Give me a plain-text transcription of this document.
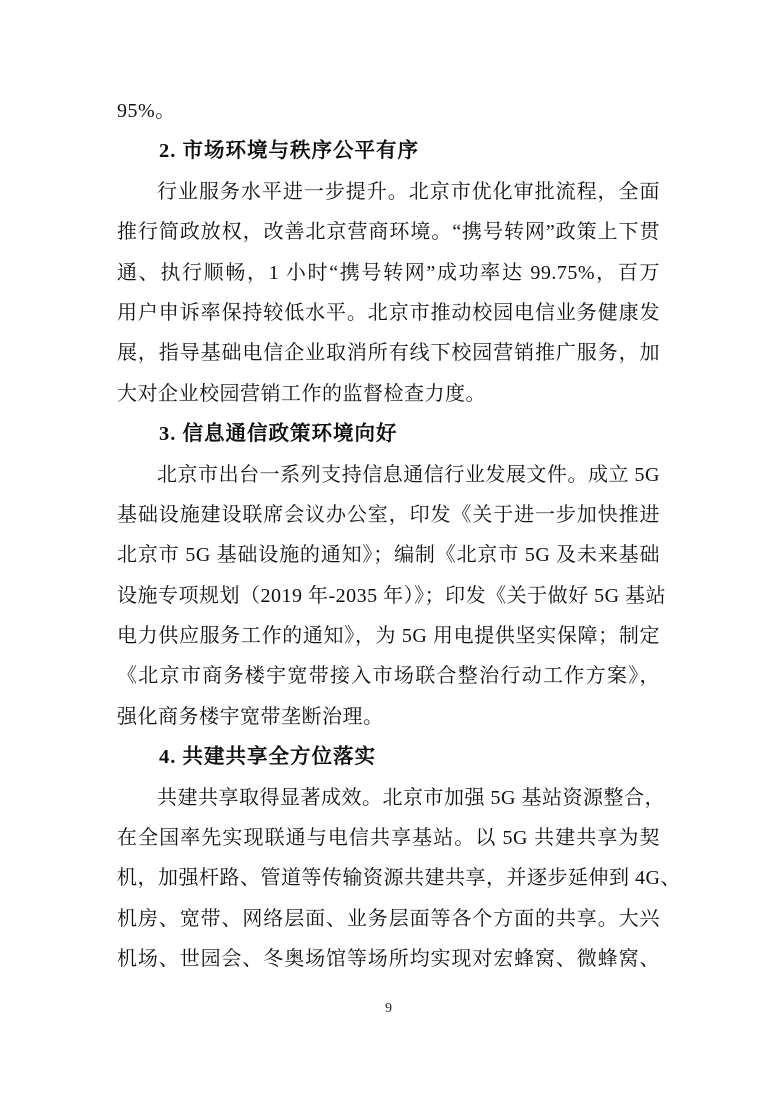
95%。
2. 市场环境与秩序公平有序
行业服务水平进一步提升。北京市优化审批流程，全面
推行简政放权，改善北京营商环境。“携号转网”政策上下贯
通、执行顺畅，1 小时“携号转网”成功率达 99.75%，百万
用户申诉率保持较低水平。北京市推动校园电信业务健康发
展，指导基础电信企业取消所有线下校园营销推广服务，加
大对企业校园营销工作的监督检查力度。
3. 信息通信政策环境向好
北京市出台一系列支持信息通信行业发展文件。成立 5G
基础设施建设联席会议办公室，印发《关于进一步加快推进
北京市 5G 基础设施的通知》；编制《北京市 5G 及未来基础
设施专项规划（2019 年-2035 年）》；印发《关于做好 5G 基站
电力供应服务工作的通知》，为 5G 用电提供坚实保障；制定
《北京市商务楼宇宽带接入市场联合整治行动工作方案》，
强化商务楼宇宽带垄断治理。
4. 共建共享全方位落实
共建共享取得显著成效。北京市加强 5G 基站资源整合，
在全国率先实现联通与电信共享基站。以 5G 共建共享为契
机，加强杆路、管道等传输资源共建共享，并逐步延伸到 4G、
机房、宽带、网络层面、业务层面等各个方面的共享。大兴
机场、世园会、冬奥场馆等场所均实现对宏蜂窝、微蜂窝、
9
